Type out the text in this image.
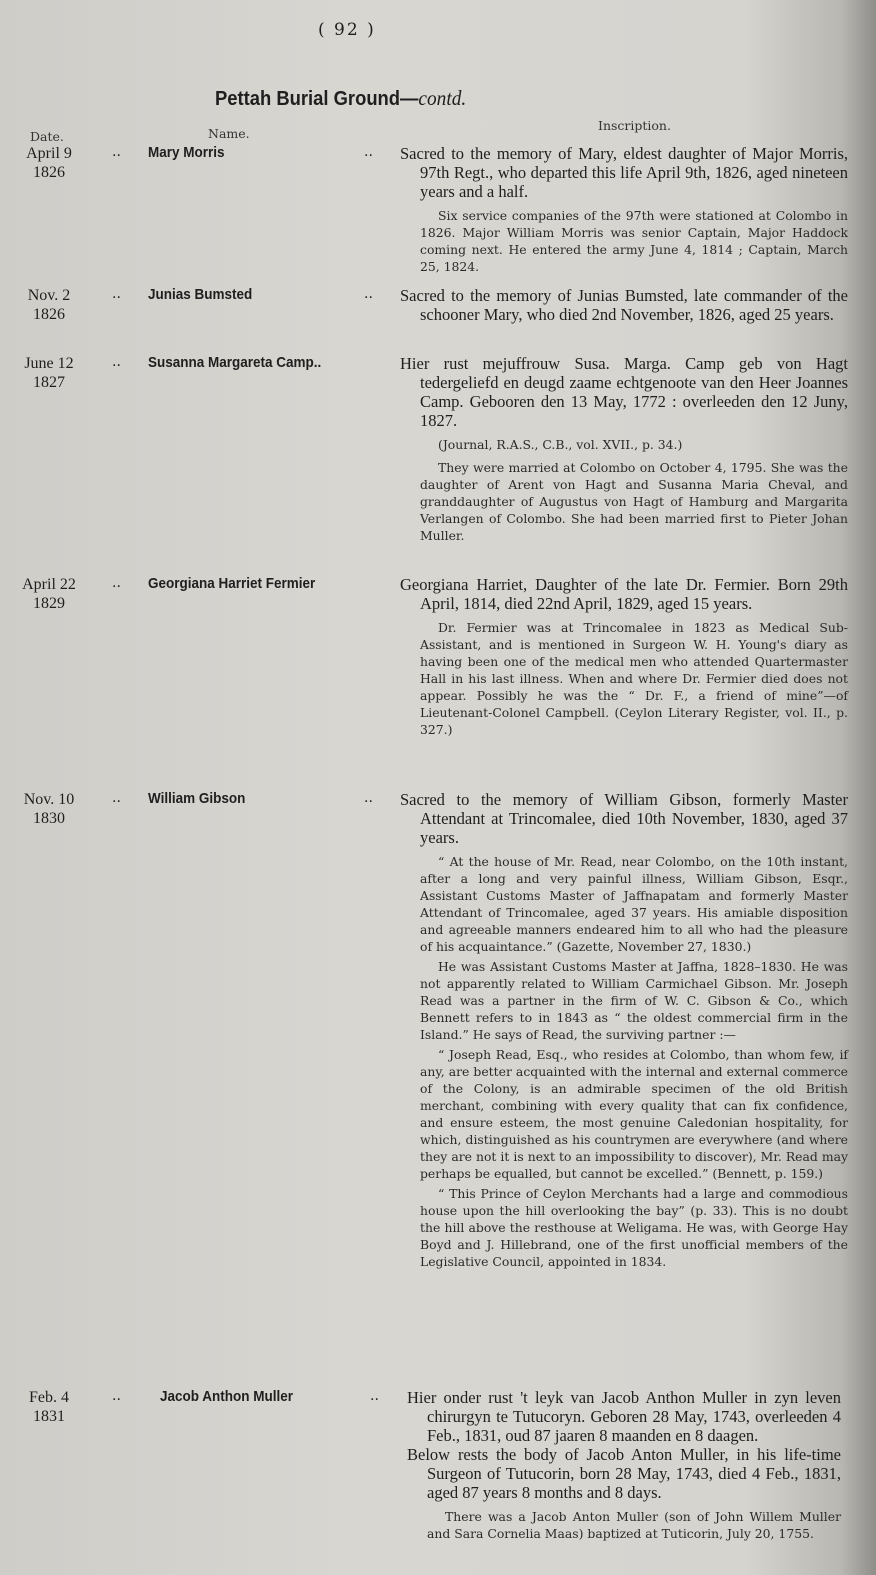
( 92 )
Pettah Burial Ground—contd.
Date.	Name.
Inscription.
April 9
1826
.. Mary Morris	.. Sacred to the memory of Mary, eldest daughter of Major Morris, 97th Regt., who departed this life April 9th, 1826, aged nineteen years and a half.

Six service companies of the 97th were stationed at Colombo in 1826. Major William Morris was senior Captain, Major Haddock coming next. He entered the army June 4, 1814 ; Captain, March 25, 1824.

Nov. 2
1826
.. Junias Bumsted	.. Sacred to the memory of Junias Bumsted, late commander of the schooner Mary, who died 2nd November, 1826, aged 25 years.

June 12
1827
.. Susanna Margareta Camp..	Hier rust mejuffrouw Susa. Marga. Camp geb von Hagt tedergeliefd en deugd zaame echtgenoote van den Heer Joannes Camp. Gebooren den 13 May, 1772 : overleeden den 12 Juny, 1827.

(Journal, R.A.S., C.B., vol. XVII., p. 34.)

They were married at Colombo on October 4, 1795. She was the daughter of Arent von Hagt and Susanna Maria Cheval, and granddaughter of Augustus von Hagt of Hamburg and Margarita Verlangen of Colombo. She had been married first to Pieter Johan Muller.

April 22
1829
.. Georgiana Harriet Fermier	Georgiana Harriet, Daughter of the late Dr. Fermier. Born 29th April, 1814, died 22nd April, 1829, aged 15 years.

Dr. Fermier was at Trincomalee in 1823 as Medical Sub-Assistant, and is mentioned in Surgeon W. H. Young's diary as having been one of the medical men who attended Quartermaster Hall in his last illness. When and where Dr. Fermier died does not appear. Possibly he was the “ Dr. F., a friend of mine”—of Lieutenant-Colonel Campbell. (Ceylon Literary Register, vol. II., p. 327.)

Nov. 10
1830
.. William Gibson	.. Sacred to the memory of William Gibson, formerly Master Attendant at Trincomalee, died 10th November, 1830, aged 37 years.

“ At the house of Mr. Read, near Colombo, on the 10th instant, after a long and very painful illness, William Gibson, Esqr., Assistant Customs Master of Jaffnapatam and formerly Master Attendant of Trincomalee, aged 37 years. His amiable disposition and agreeable manners endeared him to all who had the pleasure of his acquaintance.” (Gazette, November 27, 1830.)

He was Assistant Customs Master at Jaffna, 1828–1830. He was not apparently related to William Carmichael Gibson. Mr. Joseph Read was a partner in the firm of W. C. Gibson & Co., which Bennett refers to in 1843 as “ the oldest commercial firm in the Island.” He says of Read, the surviving partner :—

“ Joseph Read, Esq., who resides at Colombo, than whom few, if any, are better acquainted with the internal and external commerce of the Colony, is an admirable specimen of the old British merchant, combining with every quality that can fix confidence, and ensure esteem, the most genuine Caledonian hospitality, for which, distinguished as his countrymen are everywhere (and where they are not it is next to an impossibility to discover), Mr. Read may perhaps be equalled, but cannot be excelled.” (Bennett, p. 159.)

“ This Prince of Ceylon Merchants had a large and commodious house upon the hill overlooking the bay” (p. 33). This is no doubt the hill above the resthouse at Weligama. He was, with George Hay Boyd and J. Hillebrand, one of the first unofficial members of the Legislative Council, appointed in 1834.

Feb. 4
1831
..	Jacob Anthon Muller	.. Hier onder rust 't leyk van Jacob Anthon Muller in zyn leven chirurgyn te Tutucoryn. Geboren 28 May, 1743, overleeden 4 Feb., 1831, oud 87 jaaren 8 maanden en 8 daagen.

Below rests the body of Jacob Anton Muller, in his life-time Surgeon of Tutucorin, born 28 May, 1743, died 4 Feb., 1831, aged 87 years 8 months and 8 days.

There was a Jacob Anton Muller (son of John Willem Muller and Sara Cornelia Maas) baptized at Tuticorin, July 20, 1755.
